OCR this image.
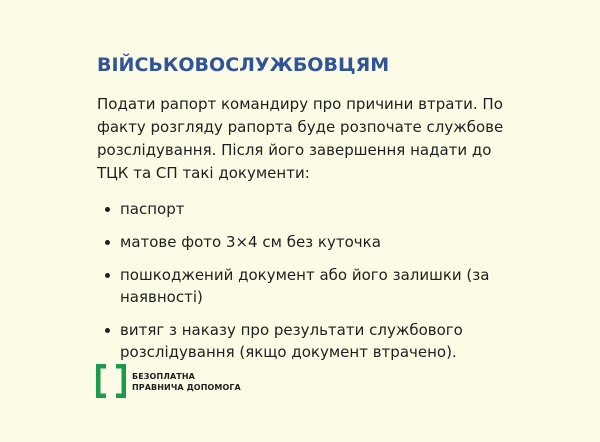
ВІЙСЬКОВОСЛУЖБОВЦЯМ

Подати рапорт командиру про причини втрати. По факту розгляду рапорта буде розпочате службове розслідування. Після його завершення надати до ТЦК та СП такі документи:

паспорт
матове фото 3×4 см без куточка
пошкоджений документ або його залишки (за наявності)
витяг з наказу про результати службового розслідування (якщо документ втрачено).
БЕЗОПЛАТНА
ПРАВНИЧА ДОПОМОГА
